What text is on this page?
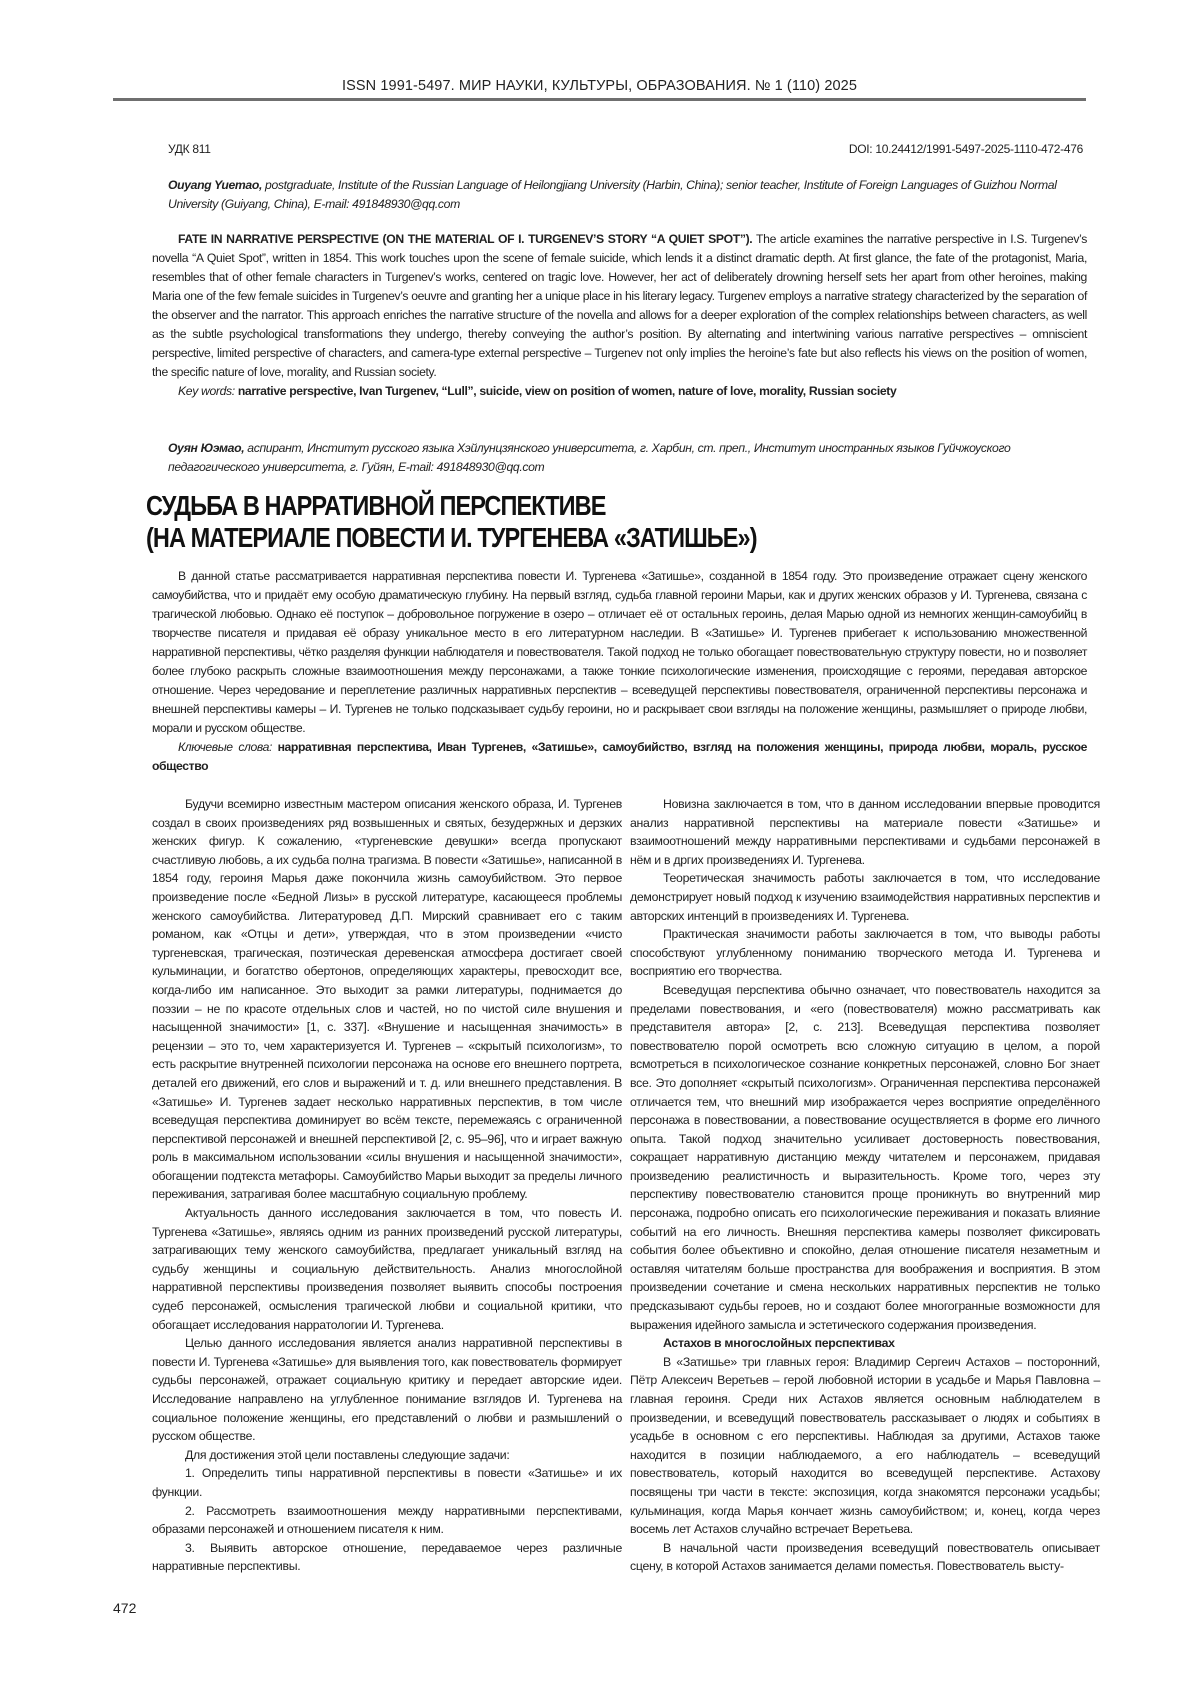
ISSN 1991-5497. МИР НАУКИ, КУЛЬТУРЫ, ОБРАЗОВАНИЯ. № 1 (110) 2025
УДК 811	DOI: 10.24412/1991-5497-2025-1110-472-476
Ouyang Yuemao, postgraduate, Institute of the Russian Language of Heilongjiang University (Harbin, China); senior teacher, Institute of Foreign Languages of Guizhou Normal University (Guiyang, China), E-mail: 491848930@qq.com

FATE IN NARRATIVE PERSPECTIVE (ON THE MATERIAL OF I. TURGENEV’S STORY “A QUIET SPOT”). The article examines the narrative perspective in I.S. Turgenev’s novella “A Quiet Spot”, written in 1854. This work touches upon the scene of female suicide, which lends it a distinct dramatic depth. At first glance, the fate of the protagonist, Maria, resembles that of other female characters in Turgenev’s works, centered on tragic love. However, her act of deliberately drowning herself sets her apart from other heroines, making Maria one of the few female suicides in Turgenev’s oeuvre and granting her a unique place in his literary legacy. Turgenev employs a narrative strategy characterized by the separation of the observer and the narrator. This approach enriches the narrative structure of the novella and allows for a deeper exploration of the complex relationships between characters, as well as the subtle psychological transformations they undergo, thereby conveying the author’s position. By alternating and intertwining various narrative perspectives – omniscient perspective, limited perspective of characters, and camera-type external perspective – Turgenev not only implies the heroine’s fate but also reflects his views on the position of women, the specific nature of love, morality, and Russian society.

Key words: narrative perspective, Ivan Turgenev, “Lull”, suicide, view on position of women, nature of love, morality, Russian society

Оуян Юэмао, аспирант, Институт русского языка Хэйлунцзянского университета, г. Харбин, ст. преп., Институт иностранных языков Гуйчжоуского педагогического университета, г. Гуйян, E-mail: 491848930@qq.com
СУДЬБА В НАРРАТИВНОЙ ПЕРСПЕКТИВЕ
(НА МАТЕРИАЛЕ ПОВЕСТИ И. ТУРГЕНЕВА «ЗАТИШЬЕ»)

В данной статье рассматривается нарративная перспектива повести И. Тургенева «Затишье», созданной в 1854 году. Это произведение отражает сцену женского самоубийства, что и придаёт ему особую драматическую глубину. На первый взгляд, судьба главной героини Марьи, как и других женских образов у И. Тургенева, связана с трагической любовью. Однако её поступок – добровольное погружение в озеро – отличает её от остальных героинь, делая Марью одной из немногих женщин-самоубийц в творчестве писателя и придавая её образу уникальное место в его литературном наследии. В «Затишье» И. Тургенев прибегает к использованию множественной нарративной перспективы, чётко разделяя функции наблюдателя и повествователя. Такой подход не только обогащает повествовательную структуру повести, но и позволяет более глубоко раскрыть сложные взаимоотношения между персонажами, а также тонкие психологические изменения, происходящие с героями, передавая авторское отношение. Через чередование и переплетение различных нарративных перспектив – всеведущей перспективы повествователя, ограниченной перспективы персонажа и внешней перспективы камеры – И. Тургенев не только подсказывает судьбу героини, но и раскрывает свои взгляды на положение женщины, размышляет о природе любви, морали и русском обществе.

Ключевые слова: нарративная перспектива, Иван Тургенев, «Затишье», самоубийство, взгляд на положения женщины, природа любви, мораль, русское общество

Будучи всемирно известным мастером описания женского образа, И. Тургенев создал в своих произведениях ряд возвышенных и святых, безудержных и дерзких женских фигур. К сожалению, «тургеневские девушки» всегда пропускают счастливую любовь, а их судьба полна трагизма. В повести «Затишье», написанной в 1854 году, героиня Марья даже покончила жизнь самоубийством. Это первое произведение после «Бедной Лизы» в русской литературе, касающееся проблемы женского самоубийства. Литературовед Д.П. Мирский сравнивает его с таким романом, как «Отцы и дети», утверждая, что в этом произведении «чисто тургеневская, трагическая, поэтическая деревенская атмосфера достигает своей кульминации, и богатство обертонов, определяющих характеры, превосходит все, когда-либо им написанное. Это выходит за рамки литературы, поднимается до поэзии – не по красоте отдельных слов и частей, но по чистой силе внушения и насыщенной значимости» [1, с. 337]. «Внушение и насыщенная значимость» в рецензии – это то, чем характеризуется И. Тургенев – «скрытый психологизм», то есть раскрытие внутренней психологии персонажа на основе его внешнего портрета, деталей его движений, его слов и выражений и т. д. или внешнего представления. В «Затишье» И. Тургенев задает несколько нарративных перспектив, в том числе всеведущая перспектива доминирует во всём тексте, перемежаясь с ограниченной перспективой персонажей и внешней перспективой [2, с. 95–96], что и играет важную роль в максимальном использовании «силы внушения и насыщенной значимости», обогащении подтекста метафоры. Самоубийство Марьи выходит за пределы личного переживания, затрагивая более масштабную социальную проблему.

Актуальность данного исследования заключается в том, что повесть И. Тургенева «Затишье», являясь одним из ранних произведений русской литературы, затрагивающих тему женского самоубийства, предлагает уникальный взгляд на судьбу женщины и социальную действительность. Анализ многослойной нарративной перспективы произведения позволяет выявить способы построения судеб персонажей, осмысления трагической любви и социальной критики, что обогащает исследования нарратологии И. Тургенева.

Целью данного исследования является анализ нарративной перспективы в повести И. Тургенева «Затишье» для выявления того, как повествователь формирует судьбы персонажей, отражает социальную критику и передает авторские идеи. Исследование направлено на углубленное понимание взглядов И. Тургенева на социальное положение женщины, его представлений о любви и размышлений о русском обществе.

Для достижения этой цели поставлены следующие задачи:

1. Определить типы нарративной перспективы в повести «Затишье» и их функции.

2. Рассмотреть взаимоотношения между нарративными перспективами, образами персонажей и отношением писателя к ним.

3. Выявить авторское отношение, передаваемое через различные нарративные перспективы.

Новизна заключается в том, что в данном исследовании впервые проводится анализ нарративной перспективы на материале повести «Затишье» и взаимоотношений между нарративными перспективами и судьбами персонажей в нём и в дргих произведениях И. Тургенева.

Теоретическая значимость работы заключается в том, что исследование демонстрирует новый подход к изучению взаимодействия нарративных перспектив и авторских интенций в произведениях И. Тургенева.

Практическая значимости работы заключается в том, что выводы работы способствуют углубленному пониманию творческого метода И. Тургенева и восприятию его творчества.

Всеведущая перспектива обычно означает, что повествователь находится за пределами повествования, и «его (повествователя) можно рассматривать как представителя автора» [2, с. 213]. Всеведущая перспектива позволяет повествователю порой осмотреть всю сложную ситуацию в целом, а порой всмотреться в психологическое сознание конкретных персонажей, словно Бог знает все. Это дополняет «скрытый психологизм». Ограниченная перспектива персонажей отличается тем, что внешний мир изображается через восприятие определённого персонажа в повествовании, а повествование осуществляется в форме его личного опыта. Такой подход значительно усиливает достоверность повествования, сокращает нарративную дистанцию между читателем и персонажем, придавая произведению реалистичность и выразительность. Кроме того, через эту перспективу повествователю становится проще проникнуть во внутренний мир персонажа, подробно описать его психологические переживания и показать влияние событий на его личность. Внешняя перспектива камеры позволяет фиксировать события более объективно и спокойно, делая отношение писателя незаметным и оставляя читателям больше пространства для воображения и восприятия. В этом произведении сочетание и смена нескольких нарративных перспектив не только предсказывают судьбы героев, но и создают более многогранные возможности для выражения идейного замысла и эстетического содержания произведения.

Астахов в многослойных перспективах

В «Затишье» три главных героя: Владимир Сергеич Астахов – посторонний, Пётр Алексеич Веретьев – герой любовной истории в усадьбе и Марья Павловна – главная героиня. Среди них Астахов является основным наблюдателем в произведении, и всеведущий повествователь рассказывает о людях и событиях в усадьбе в основном с его перспективы. Наблюдая за другими, Астахов также находится в позиции наблюдаемого, а его наблюдатель – всеведущий повествователь, который находится во всеведущей перспективе. Астахову посвящены три части в тексте: экспозиция, когда знакомятся персонажи усадьбы; кульминация, когда Марья кончает жизнь самоубийством; и, конец, когда через восемь лет Астахов случайно встречает Веретьева.

В начальной части произведения всеведущий повествователь описывает сцену, в которой Астахов занимается делами поместья. Повествователь высту-

472
